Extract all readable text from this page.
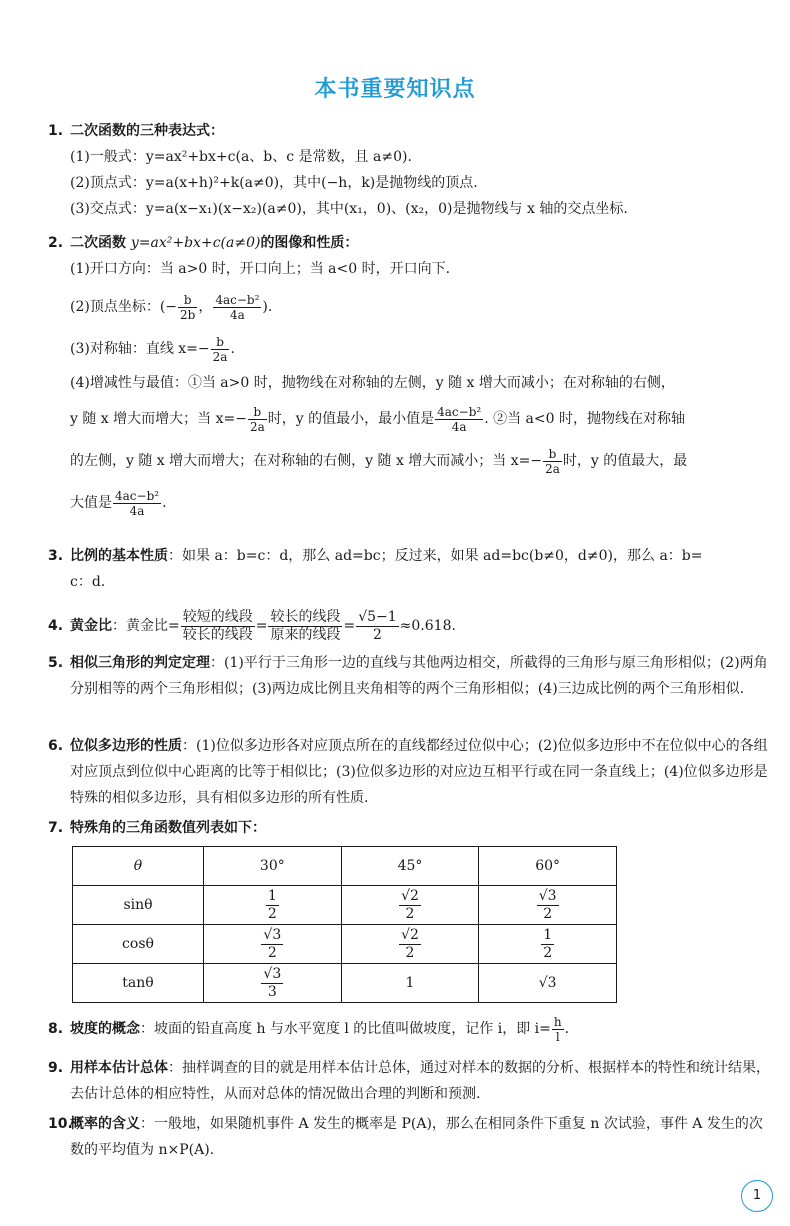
本书重要知识点
1. 二次函数的三种表达式：
(1)一般式：y=ax²+bx+c(a、b、c 是常数，且 a≠0).
(2)顶点式：y=a(x+h)²+k(a≠0)，其中(−h，k)是抛物线的顶点.
(3)交点式：y=a(x−x₁)(x−x₂)(a≠0)，其中(x₁，0)、(x₂，0)是抛物线与 x 轴的交点坐标.
2. 二次函数 y=ax²+bx+c(a≠0)的图像和性质：
(1)开口方向：当 a>0 时，开口向上；当 a<0 时，开口向下.
(2)顶点坐标：(− $\frac{b}{2b}$ ， $\frac{\text{4ac−b²}}{4a}$ ).
(3)对称轴：直线 $x=- \frac{b}{2a}$ .
(4)增减性与最值：①当 a>0 时，抛物线在对称轴的左侧，y 随 x 增大而减小；在对称轴的右侧，
y 随 x 增大而增大；当 $x=- \frac{b}{2a}$ 时，y 的值最小，最小值是 $\frac{\text{4ac−b²}}{4a}$ . ②当 a<0 时，抛物线在对称轴
的左侧，y 随 x 增大而增大；在对称轴的右侧，y 随 x 增大而减小；当 $x=- \frac{b}{2a}$ 时，y 的值最大，最
大值是 $\frac{\text{4ac−b²}}{4a}$ .
3. 比例的基本性质：如果 a：b=c：d，那么 ad=bc；反过来，如果 ad=bc(b≠0，d≠0)，那么 a：b=
c：d.
4. 黄金比：黄金比= $\frac{\text{较短的线段}}{\text{较长的线段}} = \frac{\text{较长的线段}}{\text{原来的线段}} = \frac{√5-1}{2} \approx 0.618$.
5. 相似三角形的判定定理：(1)平行于三角形一边的直线与其他两边相交，所截得的三角形与原三角形相似；(2)两角分别相等的两个三角形相似；(3)两边成比例且夹角相等的两个三角形相似；(4)三边成比例的两个三角形相似.
6. 位似多边形的性质：(1)位似多边形各对应顶点所在的直线都经过位似中心；(2)位似多边形中不在位似中心的各组对应顶点到位似中心距离的比等于相似比；(3)位似多边形的对应边互相平行或在同一条直线上；(4)位似多边形是特殊的相似多边形，具有相似多边形的所有性质.
7. 特殊角的三角函数值列表如下：
θ	30°	45°	60°
sinθ	$\frac{1}{2}$	$\frac{√2}{2}$	$\frac{√3}{2}$

cosθ	$\frac{√3}{2}$	$\frac{√2}{2}$	$\frac{1}{2}$

tanθ	$\frac{√3}{3}$	1	√3
8. 坡度的概念：坡面的铅直高度 h 与水平宽度 l 的比值叫做坡度，记作 i，即 $i= \frac{h}{l}$ .
9. 用样本估计总体：抽样调查的目的就是用样本估计总体，通过对样本的数据的分析、根据样本的特性和统计结果，去估计总体的相应特性，从而对总体的情况做出合理的判断和预测.
10.
概率的含义：一般地，如果随机事件 A 发生的概率是 P(A)，那么在相同条件下重复 n 次试验，事件 A 发生的次数的平均值为 n×P(A).
1
